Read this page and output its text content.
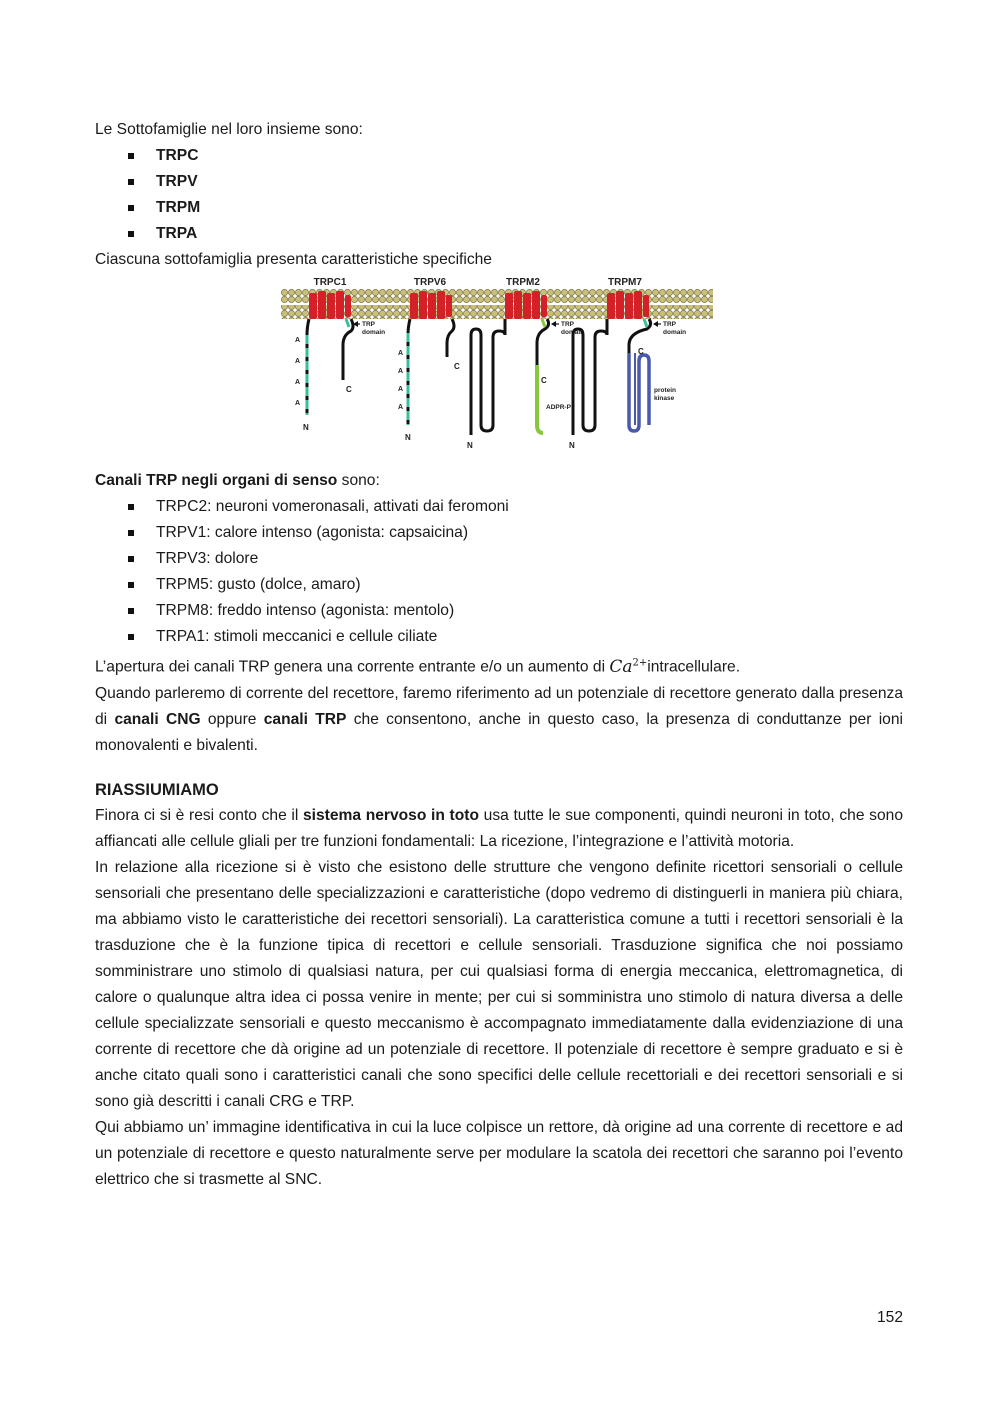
Le Sottofamiglie nel loro insieme sono:

TRPC
TRPV
TRPM
TRPA

Ciascuna sottofamiglia presenta caratteristiche specifiche

TRPC1	TRPV6	TRPM2	TRPM7
A
A
A
A
N
C
TRP
domain
A
A
A
A
N
C
C
ADPR-P
N
TRP
domain
C
protein
kinase
N
TRP
domain

Canali TRP negli organi di senso sono:

TRPC2: neuroni vomeronasali, attivati dai feromoni
TRPV1: calore intenso (agonista: capsaicina)
TRPV3: dolore
TRPM5: gusto (dolce, amaro)
TRPM8: freddo intenso (agonista: mentolo)
TRPA1: stimoli meccanici e cellule ciliate

L’apertura dei canali TRP genera una corrente entrante e/o un aumento di $Ca^{2+}intracellulare$.

Quando parleremo di corrente del recettore, faremo riferimento ad un potenziale di recettore generato dalla presenza di canali CNG oppure canali TRP che consentono, anche in questo caso, la presenza di conduttanze per ioni monovalenti e bivalenti.

RIASSIUMIAMO

Finora ci si è resi conto che il sistema nervoso in toto usa tutte le sue componenti, quindi neuroni in toto, che sono affiancati alle cellule gliali per tre funzioni fondamentali: La ricezione, l’integrazione e l’attività motoria.

In relazione alla ricezione si è visto che esistono delle strutture che vengono definite ricettori sensoriali o cellule sensoriali che presentano delle specializzazioni e caratteristiche (dopo vedremo di distinguerli in maniera più chiara, ma abbiamo visto le caratteristiche dei recettori sensoriali). La caratteristica comune a tutti i recettori sensoriali è la trasduzione che è la funzione tipica di recettori e cellule sensoriali. Trasduzione significa che noi possiamo somministrare uno stimolo di qualsiasi natura, per cui qualsiasi forma di energia meccanica, elettromagnetica, di calore o qualunque altra idea ci possa venire in mente; per cui si somministra uno stimolo di natura diversa a delle cellule specializzate sensoriali e questo meccanismo è accompagnato immediatamente dalla evidenziazione di una corrente di recettore che dà origine ad un potenziale di recettore. Il potenziale di recettore è sempre graduato e si è anche citato quali sono i caratteristici canali che sono specifici delle cellule recettoriali e dei recettori sensoriali e si sono già descritti i canali CRG e TRP.

Qui abbiamo un’ immagine identificativa in cui la luce colpisce un rettore, dà origine ad una corrente di recettore e ad un potenziale di recettore e questo naturalmente serve per modulare la scatola dei recettori che saranno poi l’evento elettrico che si trasmette al SNC.

152
